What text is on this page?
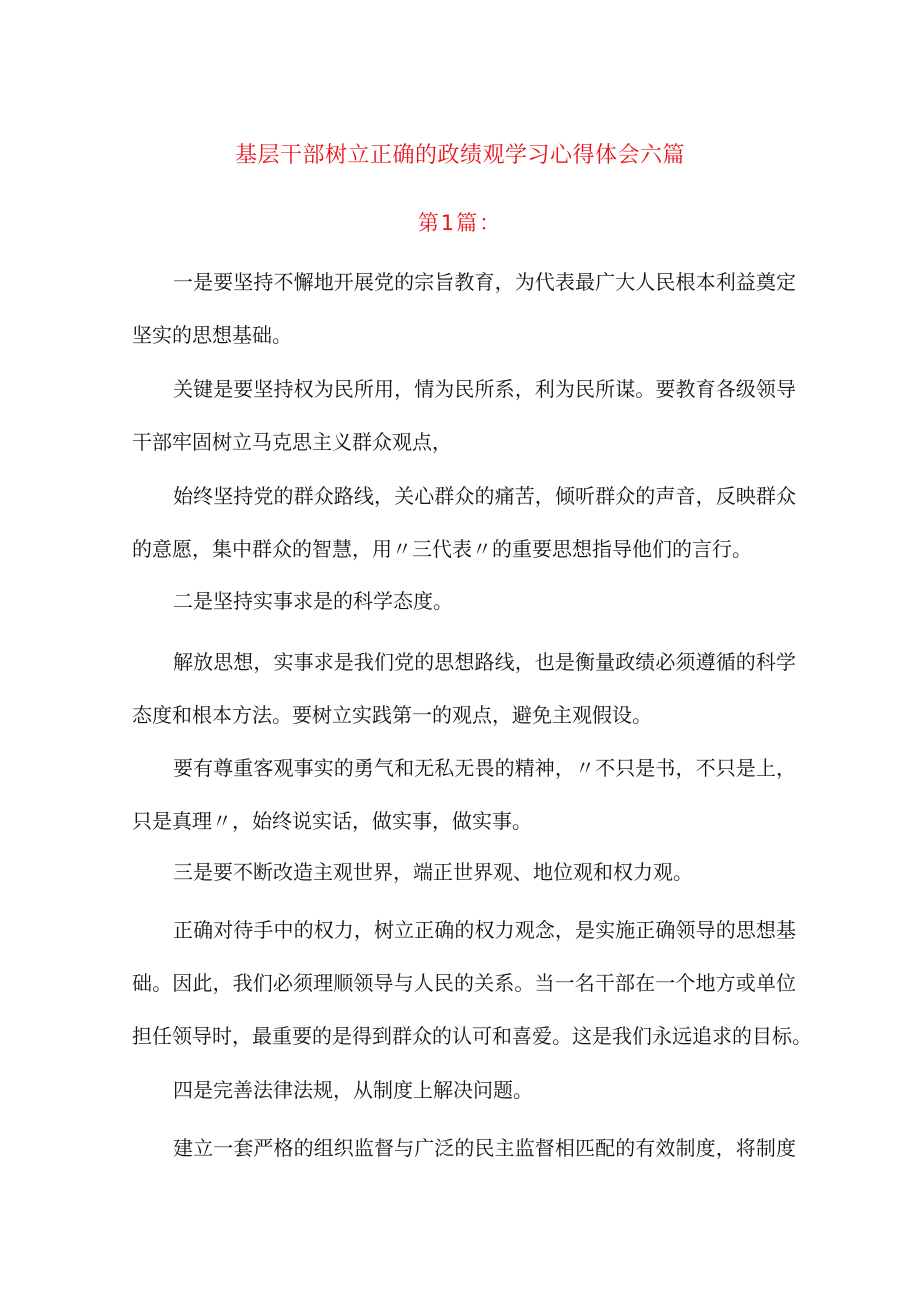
基层干部树立正确的政绩观学习心得体会六篇
第1篇：

一是要坚持不懈地开展党的宗旨教育，为代表最广大人民根本利益奠定
坚实的思想基础。

关键是要坚持权为民所用，情为民所系，利为民所谋。要教育各级领导
干部牢固树立马克思主义群众观点，

始终坚持党的群众路线，关心群众的痛苦，倾听群众的声音，反映群众
的意愿，集中群众的智慧，用〃三代表〃的重要思想指导他们的言行。

二是坚持实事求是的科学态度。

解放思想，实事求是我们党的思想路线，也是衡量政绩必须遵循的科学
态度和根本方法。要树立实践第一的观点，避免主观假设。

要有尊重客观事实的勇气和无私无畏的精神，〃不只是书，不只是上，
只是真理〃，始终说实话，做实事，做实事。

三是要不断改造主观世界，端正世界观、地位观和权力观。

正确对待手中的权力，树立正确的权力观念，是实施正确领导的思想基
础。因此，我们必须理顺领导与人民的关系。当一名干部在一个地方或单位
担任领导时，最重要的是得到群众的认可和喜爱。这是我们永远追求的目标。

四是完善法律法规，从制度上解决问题。

建立一套严格的组织监督与广泛的民主监督相匹配的有效制度，将制度
